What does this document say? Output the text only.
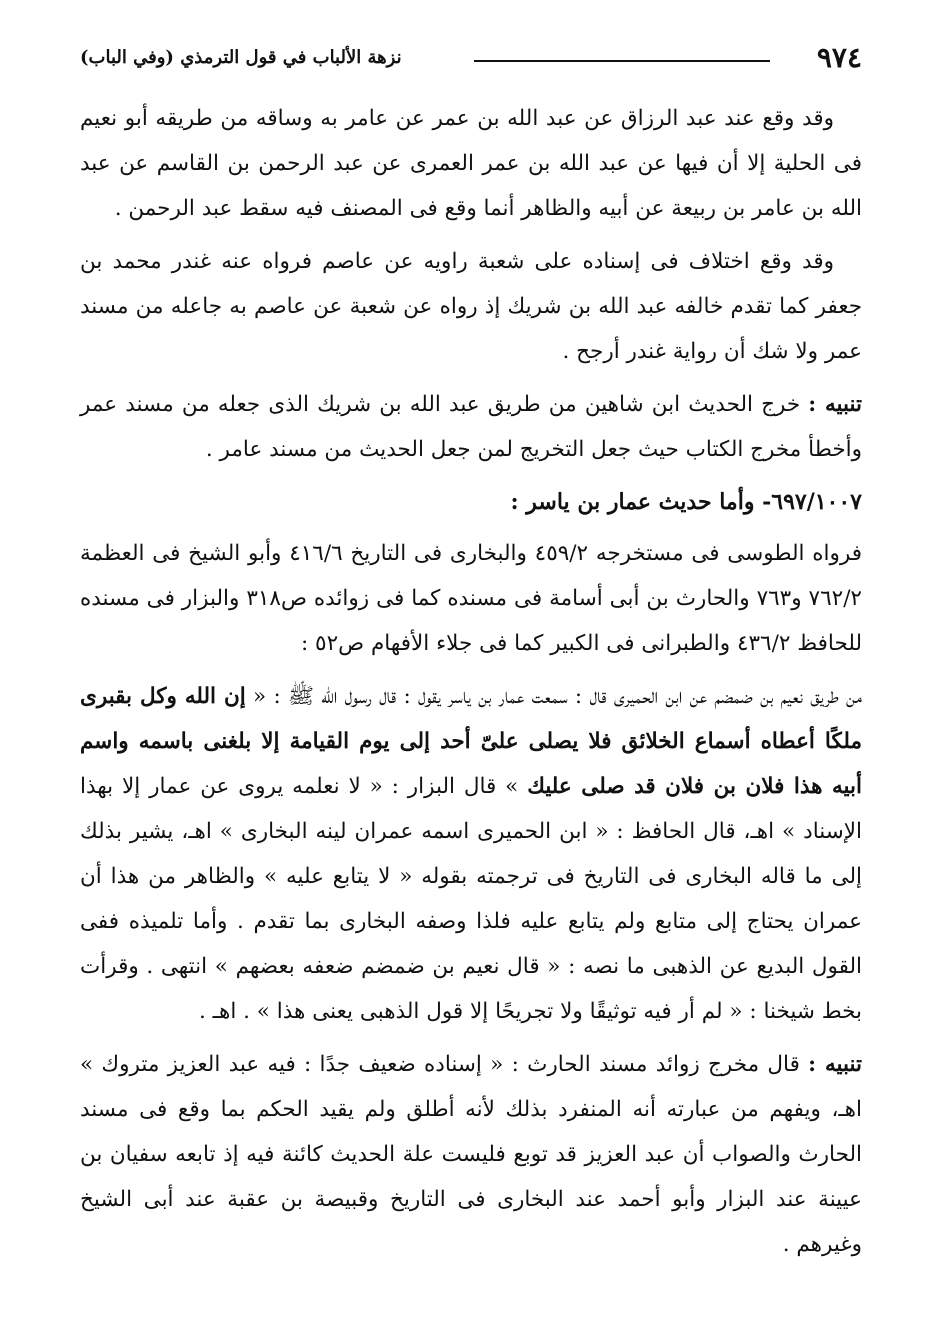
٩٧٤
نزهة الألباب في قول الترمذي (وفي الباب)

وقد وقع عند عبد الرزاق عن عبد الله بن عمر عن عامر به وساقه من طريقه أبو نعيم فى الحلية إلا أن فيها عن عبد الله بن عمر العمرى عن عبد الرحمن بن القاسم عن عبد الله بن عامر بن ربيعة عن أبيه والظاهر أنما وقع فى المصنف فيه سقط عبد الرحمن .

وقد وقع اختلاف فى إسناده على شعبة راويه عن عاصم فرواه عنه غندر محمد بن جعفر كما تقدم خالفه عبد الله بن شريك إذ رواه عن شعبة عن عاصم به جاعله من مسند عمر ولا شك أن رواية غندر أرجح .

تنبيه : خرج الحديث ابن شاهين من طريق عبد الله بن شريك الذى جعله من مسند عمر وأخطأ مخرج الكتاب حيث جعل التخريج لمن جعل الحديث من مسند عامر .

٦٩٧/١٠٠٧- وأما حديث عمار بن ياسر :

فرواه الطوسى فى مستخرجه ٤٥٩/٢ والبخارى فى التاريخ ٤١٦/٦ وأبو الشيخ فى العظمة ٧٦٢/٢ و٧٦٣ والحارث بن أبى أسامة فى مسنده كما فى زوائده ص٣١٨ والبزار فى مسنده للحافظ ٤٣٦/٢ والطبرانى فى الكبير كما فى جلاء الأفهام ص٥٢ :

من طريق نعيم بن ضمضم عن ابن الحميرى قال : سمعت عمار بن ياسر يقول : قال رسول الله ﷺ : « إن الله وكل بقبرى ملكًا أعطاه أسماع الخلائق فلا يصلى علىّ أحد إلى يوم القيامة إلا بلغنى باسمه واسم أبيه هذا فلان بن فلان قد صلى عليك » قال البزار : « لا نعلمه يروى عن عمار إلا بهذا الإسناد » اهـ، قال الحافظ : « ابن الحميرى اسمه عمران لينه البخارى » اهـ، يشير بذلك إلى ما قاله البخارى فى التاريخ فى ترجمته بقوله « لا يتابع عليه » والظاهر من هذا أن عمران يحتاج إلى متابع ولم يتابع عليه فلذا وصفه البخارى بما تقدم . وأما تلميذه ففى القول البديع عن الذهبى ما نصه : « قال نعيم بن ضمضم ضعفه بعضهم » انتهى . وقرأت بخط شيخنا : « لم أر فيه توثيقًا ولا تجريحًا إلا قول الذهبى يعنى هذا » . اهـ .

تنبيه : قال مخرج زوائد مسند الحارث : « إسناده ضعيف جدًا : فيه عبد العزيز متروك » اهـ، ويفهم من عبارته أنه المنفرد بذلك لأنه أطلق ولم يقيد الحكم بما وقع فى مسند الحارث والصواب أن عبد العزيز قد توبع فليست علة الحديث كائنة فيه إذ تابعه سفيان بن عيينة عند البزار وأبو أحمد عند البخارى فى التاريخ وقبيصة بن عقبة عند أبى الشيخ وغيرهم .
